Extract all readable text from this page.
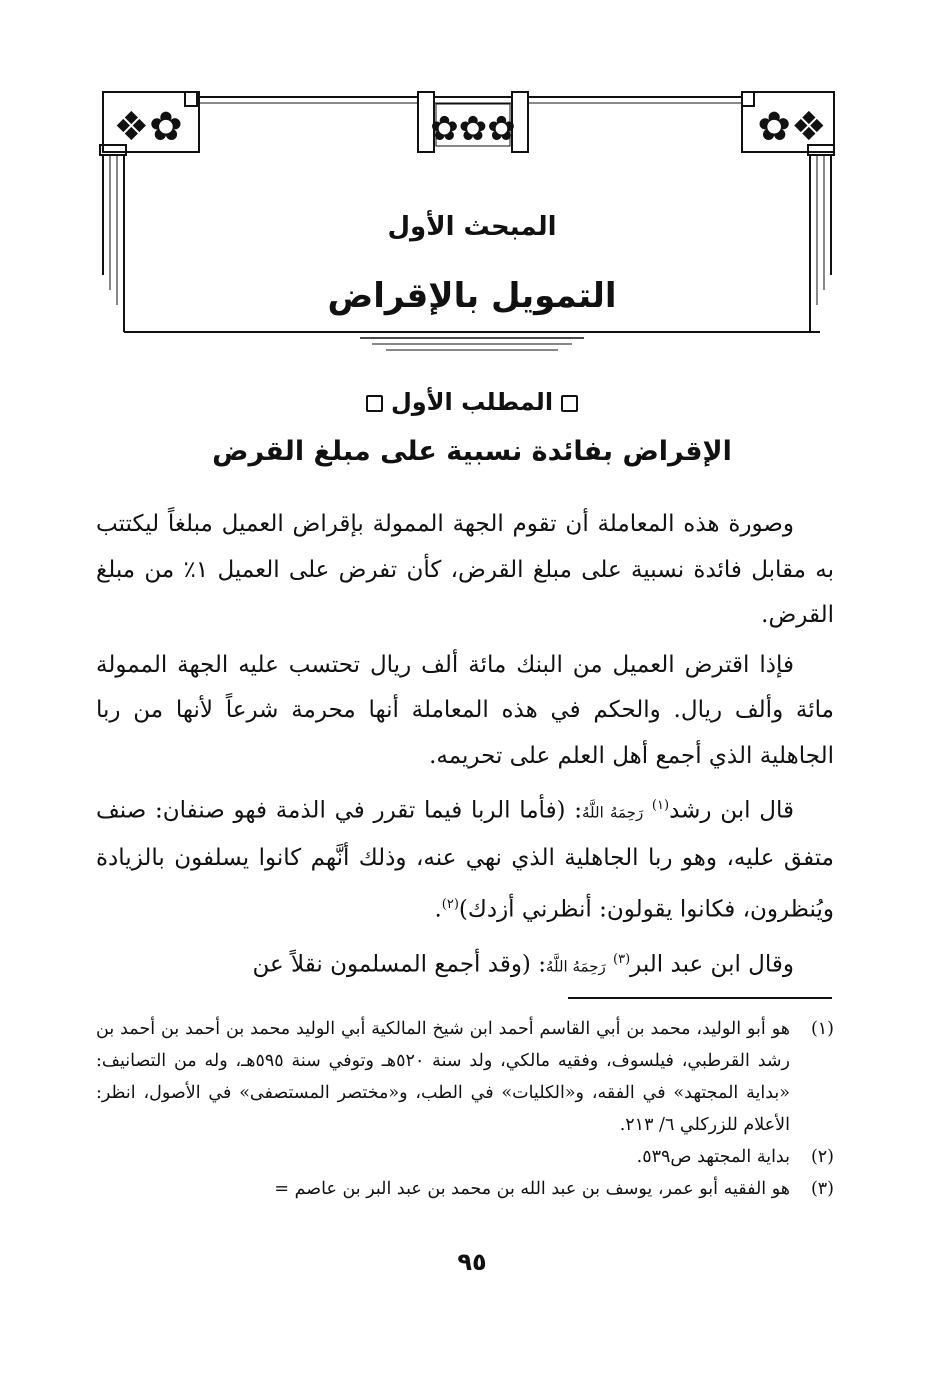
❖✿	✿✿✿	✿❖
المبحث الأول
التمويل بالإقراض
المطلب الأول
الإقراض بفائدة نسبية على مبلغ القرض

وصورة هذه المعاملة أن تقوم الجهة الممولة بإقراض العميل مبلغاً ليكتتب به مقابل فائدة نسبية على مبلغ القرض، كأن تفرض على العميل ١٪ من مبلغ القرض.

فإذا اقترض العميل من البنك مائة ألف ريال تحتسب عليه الجهة الممولة مائة وألف ريال. والحكم في هذه المعاملة أنها محرمة شرعاً لأنها من ربا الجاهلية الذي أجمع أهل العلم على تحريمه.

قال ابن رشد$^{(١)}$ رَحِمَهُ اللَّهُ: (فأما الربا فيما تقرر في الذمة فهو صنفان: صنف متفق عليه، وهو ربا الجاهلية الذي نهي عنه، وذلك أنَّهم كانوا يسلفون بالزيادة ويُنظرون، فكانوا يقولون: أنظرني أزدك)$^{(٢)}$.

وقال ابن عبد البر$^{(٣)}$ رَحِمَهُ اللَّهُ: (وقد أجمع المسلمون نقلاً عن

(١)
هو أبو الوليد، محمد بن أبي القاسم أحمد ابن شيخ المالكية أبي الوليد محمد بن أحمد بن أحمد بن رشد القرطبي، فيلسوف، وفقيه مالكي، ولد سنة ٥٢٠هـ وتوفي سنة ٥٩٥هـ، وله من التصانيف: «بداية المجتهد» في الفقه، و«الكليات» في الطب، و«مختصر المستصفى» في الأصول، انظر: الأعلام للزركلي ٦/ ٢١٣.
(٢)
بداية المجتهد ص٥٣٩.
(٣)
هو الفقيه أبو عمر، يوسف بن عبد الله بن محمد بن عبد البر بن عاصم =
٩٥
